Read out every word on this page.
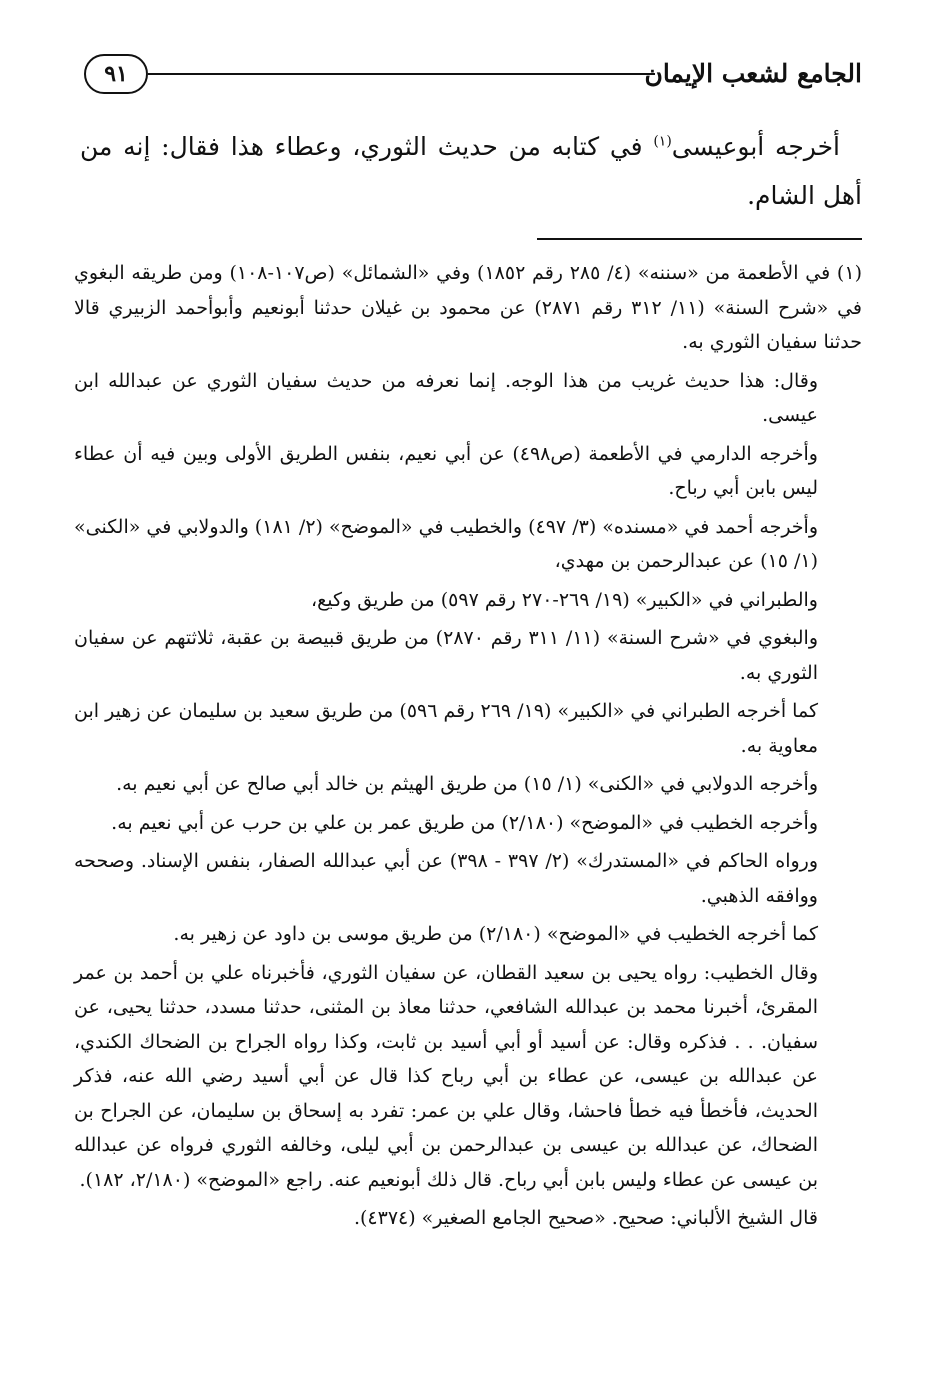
الجامع لشعب الإيمان
٩١

أخرجه أبوعيسى$^{(١)}$ في كتابه من حديث الثوري، وعطاء هذا فقال: إنه من أهل الشام.

(١) في الأطعمة من «سننه» (٤/ ٢٨٥ رقم ١٨٥٢) وفي «الشمائل» (ص١٠٧-١٠٨) ومن طريقه البغوي في «شرح السنة» (١١/ ٣١٢ رقم ٢٨٧١) عن محمود بن غيلان حدثنا أبونعيم وأبوأحمد الزبيري قالا حدثنا سفيان الثوري به.

وقال: هذا حديث غريب من هذا الوجه. إنما نعرفه من حديث سفيان الثوري عن عبدالله ابن عيسى.

وأخرجه الدارمي في الأطعمة (ص٤٩٨) عن أبي نعيم، بنفس الطريق الأولى وبين فيه أن عطاء ليس بابن أبي رباح.

وأخرجه أحمد في «مسنده» (٣/ ٤٩٧) والخطيب في «الموضح» (٢/ ١٨١) والدولابي في «الكنى» (١/ ١٥) عن عبدالرحمن بن مهدي،

والطبراني في «الكبير» (١٩/ ٢٦٩-٢٧٠ رقم ٥٩٧) من طريق وكيع،

والبغوي في «شرح السنة» (١١/ ٣١١ رقم ٢٨٧٠) من طريق قبيصة بن عقبة، ثلاثتهم عن سفيان الثوري به.

كما أخرجه الطبراني في «الكبير» (١٩/ ٢٦٩ رقم ٥٩٦) من طريق سعيد بن سليمان عن زهير ابن معاوية به.

وأخرجه الدولابي في «الكنى» (١/ ١٥) من طريق الهيثم بن خالد أبي صالح عن أبي نعيم به.

وأخرجه الخطيب في «الموضح» (٢/١٨٠) من طريق عمر بن علي بن حرب عن أبي نعيم به.

ورواه الحاكم في «المستدرك» (٢/ ٣٩٧ - ٣٩٨) عن أبي عبدالله الصفار، بنفس الإسناد. وصححه ووافقه الذهبي.

كما أخرجه الخطيب في «الموضح» (٢/١٨٠) من طريق موسى بن داود عن زهير به.

وقال الخطيب: رواه يحيى بن سعيد القطان، عن سفيان الثوري، فأخبرناه علي بن أحمد بن عمر المقرئ، أخبرنا محمد بن عبدالله الشافعي، حدثنا معاذ بن المثنى، حدثنا مسدد، حدثنا يحيى، عن سفيان. . . فذكره وقال: عن أسيد أو أبي أسيد بن ثابت، وكذا رواه الجراح بن الضحاك الكندي، عن عبدالله بن عيسى، عن عطاء بن أبي رباح كذا قال عن أبي أسيد رضي الله عنه، فذكر الحديث، فأخطأ فيه خطأ فاحشا، وقال علي بن عمر: تفرد به إسحاق بن سليمان، عن الجراح بن الضحاك، عن عبدالله بن عيسى بن عبدالرحمن بن أبي ليلى، وخالفه الثوري فرواه عن عبدالله بن عيسى عن عطاء وليس بابن أبي رباح. قال ذلك أبونعيم عنه. راجع «الموضح» (٢/١٨٠، ١٨٢).

قال الشيخ الألباني: صحيح. «صحيح الجامع الصغير» (٤٣٧٤).
